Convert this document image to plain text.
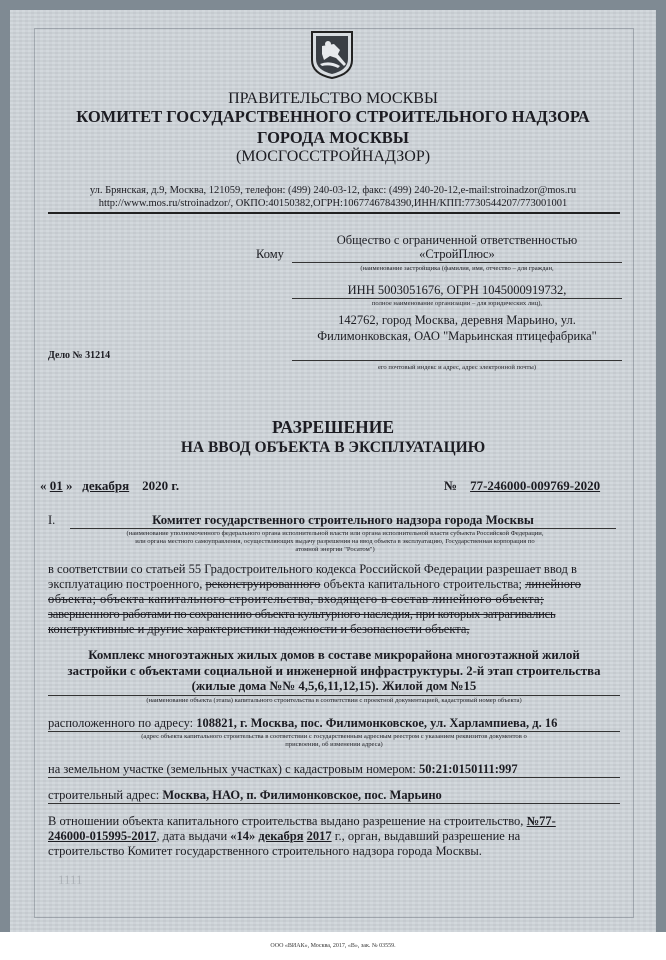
ПРАВИТЕЛЬСТВО МОСКВЫ
КОМИТЕТ ГОСУДАРСТВЕННОГО СТРОИТЕЛЬНОГО НАДЗОРА
ГОРОДА МОСКВЫ
(МОСГОССТРОЙНАДЗОР)
ул. Брянская, д.9, Москва, 121059, телефон: (499) 240-03-12, факс: (499) 240-20-12,e-mail:stroinadzor@mos.ru
http://www.mos.ru/stroinadzor/, ОКПО:40150382,ОГРН:1067746784390,ИНН/КПП:7730544207/773001001
Кому
Общество с ограниченной ответственностью
«СтройПлюс»
(наименование застройщика (фамилия, имя, отчество – для граждан,
ИНН 5003051676, ОГРН 1045000919732,
полное наименование организации – для юридических лиц),
142762, город Москва, деревня Марьино, ул.
Филимонковская, ОАО "Марьинская птицефабрика"
его почтовый индекс и адрес, адрес электронной почты)
Дело № 31214
РАЗРЕШЕНИЕ
НА ВВОД ОБЪЕКТА В ЭКСПЛУАТАЦИЮ
« 01 » декабря 2020 г.	№ 77-246000-009769-2020
I.	Комитет государственного строительного надзора города Москвы
(наименование уполномоченного федерального органа исполнительной власти или органа исполнительной власти субъекта Российской Федерации,
или органа местного самоуправления, осуществляющих выдачу разрешения на ввод объекта в эксплуатацию, Государственная корпорация по
атомной энергии "Росатом")
в соответствии со статьей 55 Градостроительного кодекса Российской Федерации разрешает ввод в
эксплуатацию построенного, реконструированного объекта капитального строительства; линейного
объекта; объекта капитального строительства, входящего в состав линейного объекта;
завершенного работами по сохранению объекта культурного наследия, при которых затрагивались
конструктивные и другие характеристики надежности и безопасности объекта,
Комплекс многоэтажных жилых домов в составе микрорайона многоэтажной жилой
застройки с объектами социальной и инженерной инфраструктуры. 2-й этап строительства
(жилые дома №№ 4,5,6,11,12,15). Жилой дом №15
(наименование объекта (этапа) капитального строительства в соответствии с проектной документацией, кадастровый номер объекта)
расположенного по адресу: 108821, г. Москва, пос. Филимонковское, ул. Харлампиева, д. 16
(адрес объекта капитального строительства в соответствии с государственным адресным реестром с указанием реквизитов документов о
присвоении, об изменении адреса)
на земельном участке (земельных участках) с кадастровым номером: 50:21:0150111:997
строительный адрес: Москва, НАО, п. Филимонковское, пос. Марьино
В отношении объекта капитального строительства выдано разрешение на строительство, №77-
246000-015995-2017, дата выдачи «14» декабря 2017 г., орган, выдавший разрешение на
строительство Комитет государственного строительного надзора города Москвы.
1111
ООО «ВИАК», Москва, 2017, «В», зак. № 03559.
